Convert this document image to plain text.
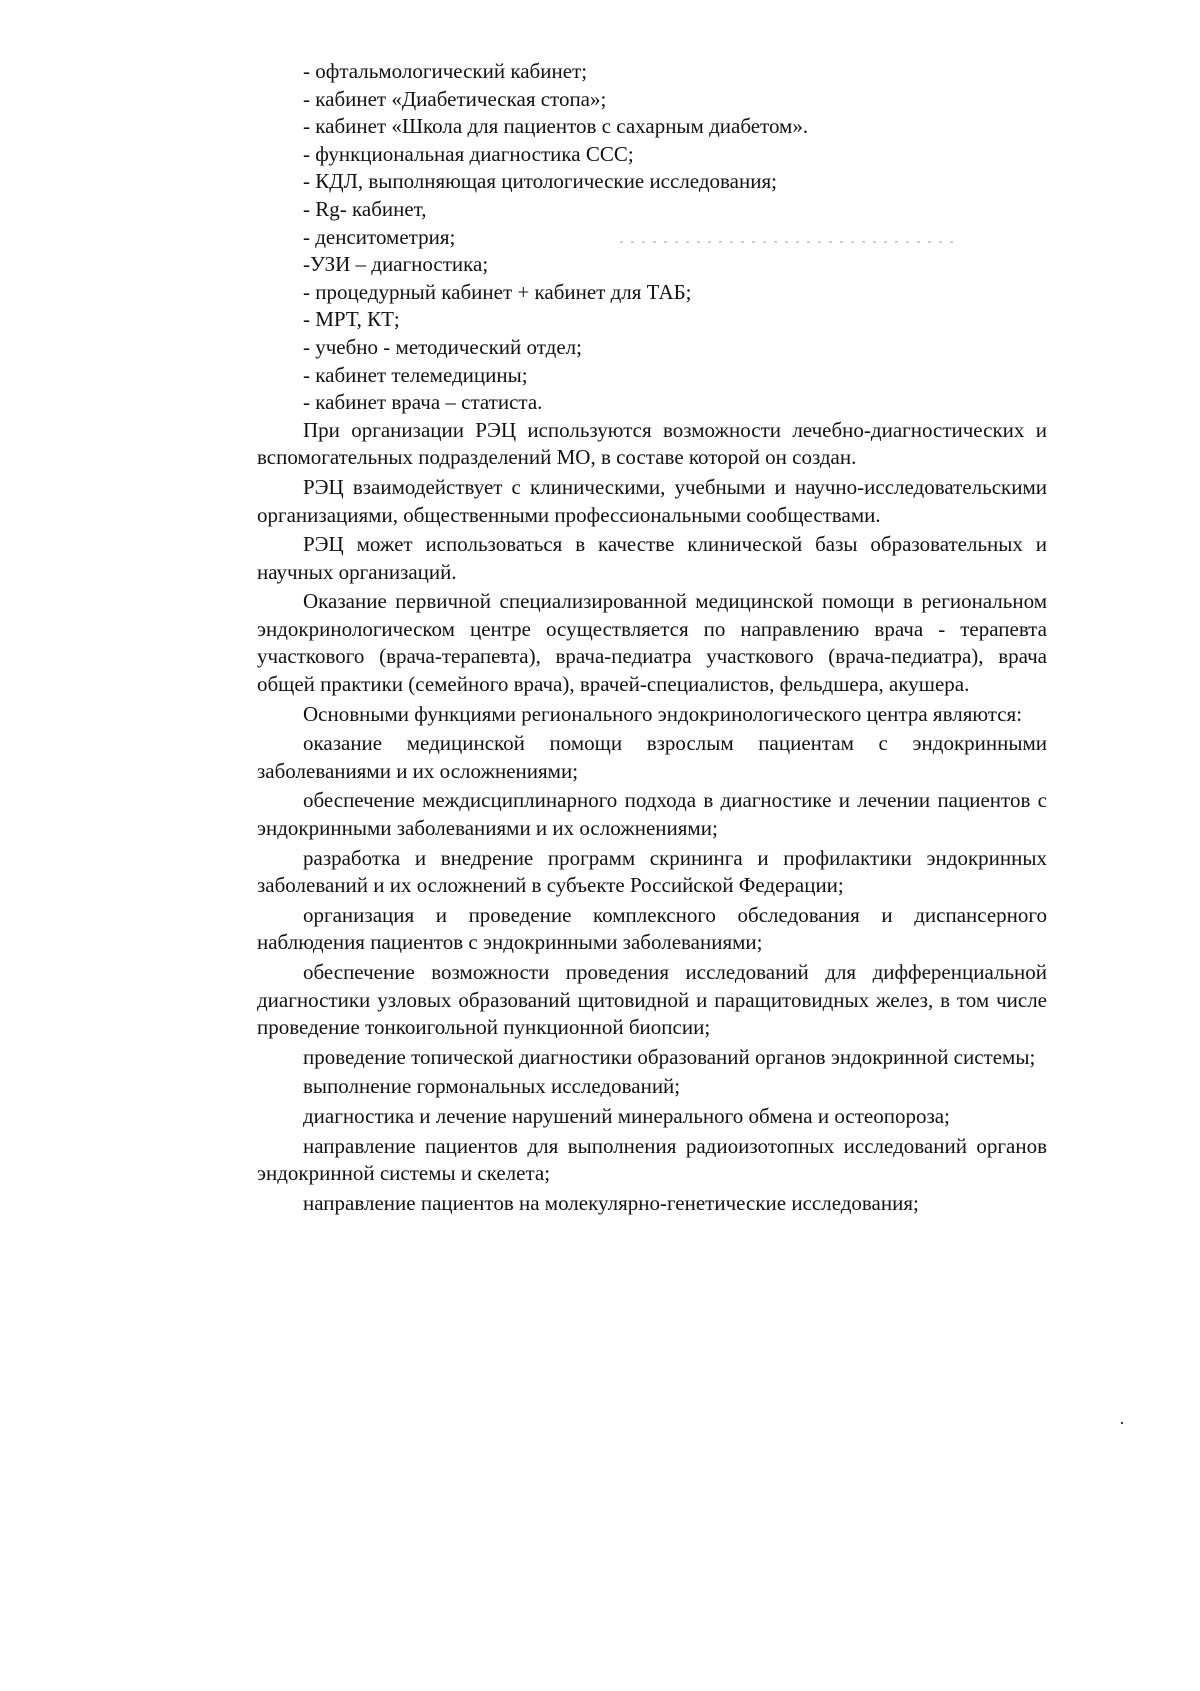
- офтальмологический кабинет;
- кабинет «Диабетическая стопа»;
- кабинет «Школа для пациентов с сахарным диабетом».
- функциональная диагностика ССС;
- КДЛ, выполняющая цитологические исследования;
- Rg- кабинет,
- денситометрия;
-УЗИ – диагностика;
- процедурный кабинет + кабинет для ТАБ;
- МРТ, КТ;
- учебно - методический отдел;
- кабинет телемедицины;
- кабинет врача – статиста.

При организации РЭЦ используются возможности лечебно-диагностических и вспомогательных подразделений МО, в составе которой он создан.

РЭЦ взаимодействует с клиническими, учебными и научно-исследовательскими организациями, общественными профессиональными сообществами.

РЭЦ может использоваться в качестве клинической базы образовательных и научных организаций.

Оказание первичной специализированной медицинской помощи в региональном эндокринологическом центре осуществляется по направлению врача - терапевта участкового (врача-терапевта), врача-педиатра участкового (врача-педиатра), врача общей практики (семейного врача), врачей-специалистов, фельдшера, акушера.

Основными функциями регионального эндокринологического центра являются:

оказание медицинской помощи взрослым пациентам с эндокринными заболеваниями и их осложнениями;

обеспечение междисциплинарного подхода в диагностике и лечении пациентов с эндокринными заболеваниями и их осложнениями;

разработка и внедрение программ скрининга и профилактики эндокринных заболеваний и их осложнений в субъекте Российской Федерации;

организация и проведение комплексного обследования и диспансерного наблюдения пациентов с эндокринными заболеваниями;

обеспечение возможности проведения исследований для дифференциальной диагностики узловых образований щитовидной и паращитовидных желез, в том числе проведение тонкоигольной пункционной биопсии;

проведение топической диагностики образований органов эндокринной системы;

выполнение гормональных исследований;

диагностика и лечение нарушений минерального обмена и остеопороза;

направление пациентов для выполнения радиоизотопных исследований органов эндокринной системы и скелета;

направление пациентов на молекулярно-генетические исследования;
